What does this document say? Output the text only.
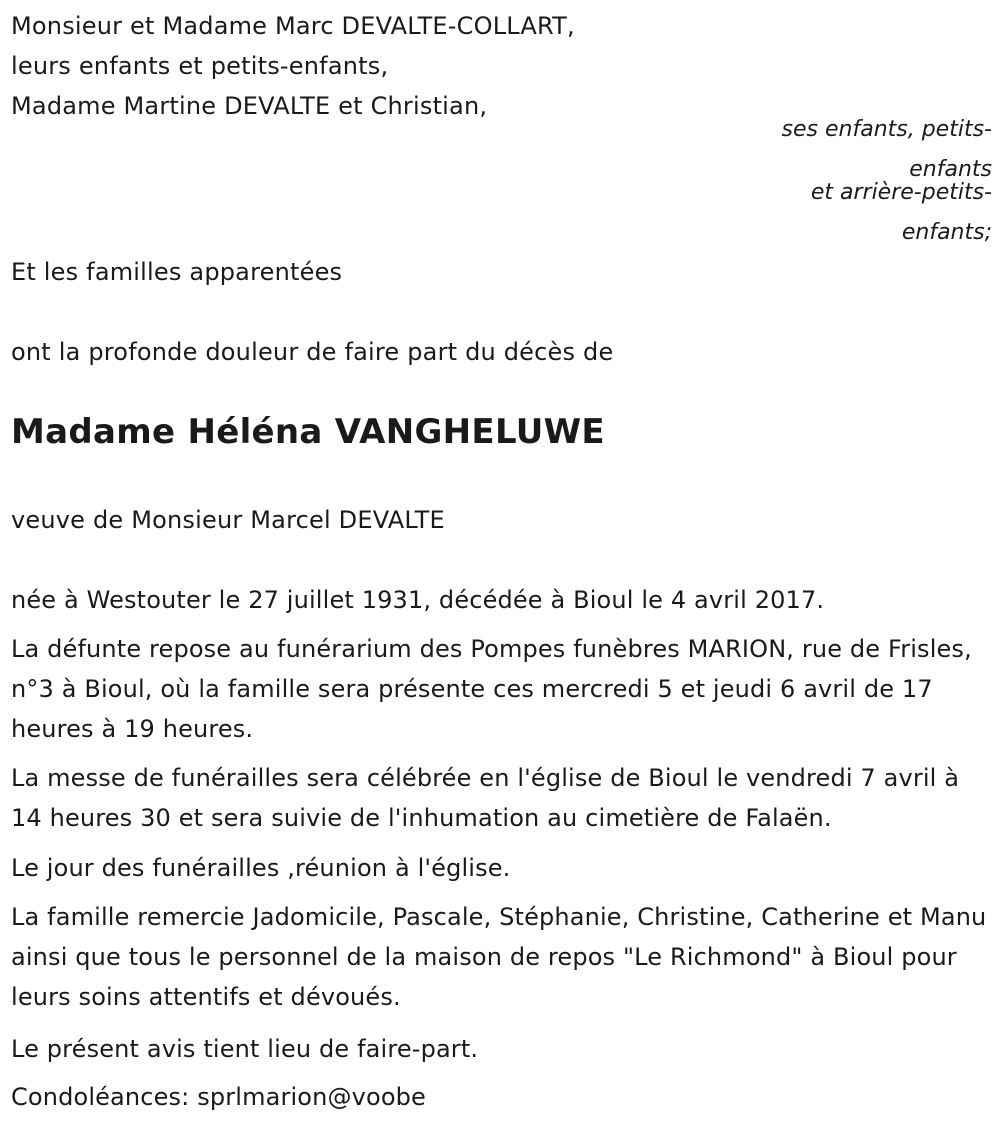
Monsieur et Madame Marc DEVALTE-COLLART,
leurs enfants et petits-enfants,
Madame Martine DEVALTE et Christian,
ses enfants, petits-
enfants
et arrière-petits-
enfants;
Et les familles apparentées
ont la profonde douleur de faire part du décès de
Madame Héléna VANGHELUWE
veuve de Monsieur Marcel DEVALTE
née à Westouter le 27 juillet 1931, décédée à Bioul le 4 avril 2017.
La défunte repose au funérarium des Pompes funèbres MARION, rue de Frisles, n°3 à Bioul, où la famille sera présente ces mercredi 5 et jeudi 6 avril de 17 heures à 19 heures.
La messe de funérailles sera célébrée en l'église de Bioul le vendredi 7 avril à 14 heures 30 et sera suivie de l'inhumation au cimetière de Falaën.
Le jour des funérailles ,réunion à l'église.
La famille remercie Jadomicile, Pascale, Stéphanie, Christine, Catherine et Manu ainsi que tous le personnel de la maison de repos "Le Richmond" à Bioul pour leurs soins attentifs et dévoués.
Le présent avis tient lieu de faire-part.
Condoléances: sprlmarion@voobe
